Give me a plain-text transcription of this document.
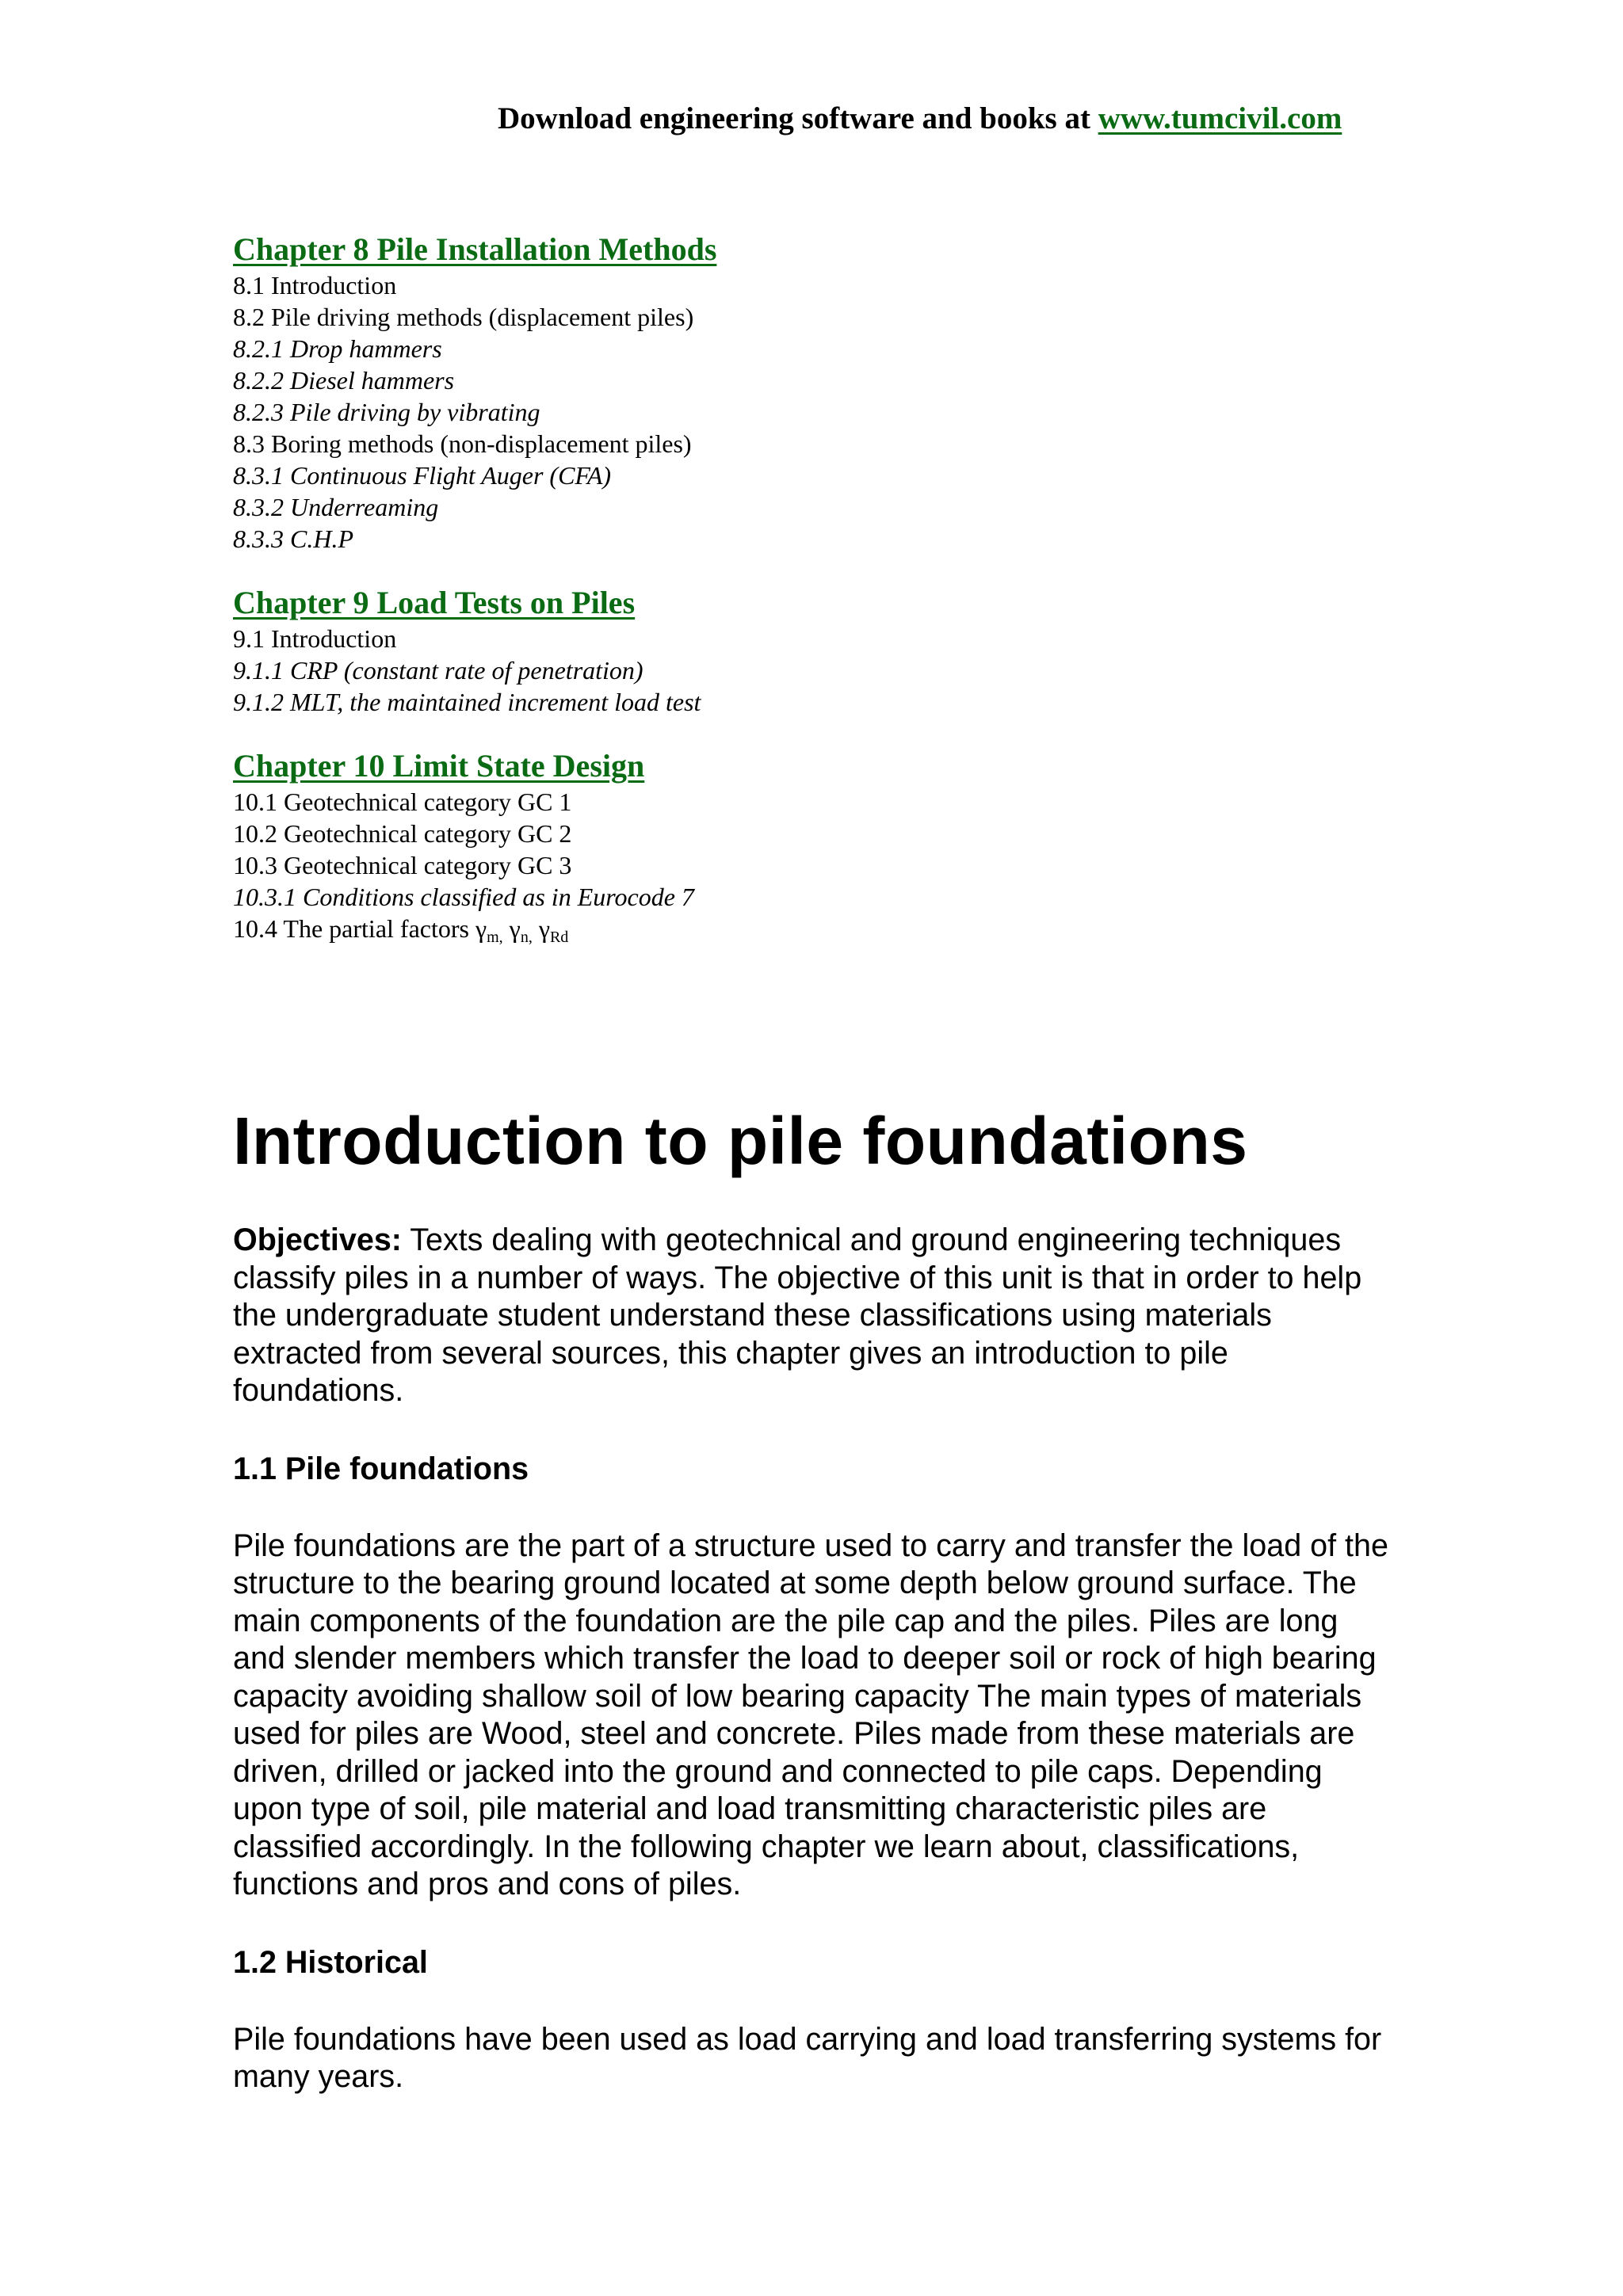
Download engineering software and books at www.tumcivil.com
Chapter 8 Pile Installation Methods
8.1 Introduction
8.2 Pile driving methods (displacement piles)
8.2.1 Drop hammers
8.2.2 Diesel hammers
8.2.3 Pile driving by vibrating
8.3 Boring methods (non-displacement piles)
8.3.1 Continuous Flight Auger (CFA)
8.3.2 Underreaming
8.3.3 C.H.P
Chapter 9 Load Tests on Piles
9.1 Introduction
9.1.1 CRP (constant rate of penetration)
9.1.2 MLT, the maintained increment load test
Chapter 10 Limit State Design
10.1 Geotechnical category GC 1
10.2 Geotechnical category GC 2
10.3 Geotechnical category GC 3
10.3.1 Conditions classified as in Eurocode 7
10.4 The partial factors $\gamma_{m,}$ $\gamma_{n,}$ $\gamma_{Rd}$
Introduction to pile foundations

Objectives: Texts dealing with geotechnical and ground engineering techniques classify piles in a number of ways. The objective of this unit is that in order to help the undergraduate student understand these classifications using materials extracted from several sources, this chapter gives an introduction to pile foundations.

1.1 Pile foundations

Pile foundations are the part of a structure used to carry and transfer the load of the structure to the bearing ground located at some depth below ground surface. The main components of the foundation are the pile cap and the piles. Piles are long and slender members which transfer the load to deeper soil or rock of high bearing capacity avoiding shallow soil of low bearing capacity The main types of materials used for piles are Wood, steel and concrete. Piles made from these materials are driven, drilled or jacked into the ground and connected to pile caps. Depending upon type of soil, pile material and load transmitting characteristic piles are classified accordingly. In the following chapter we learn about, classifications, functions and pros and cons of piles.

1.2 Historical

Pile foundations have been used as load carrying and load transferring systems for many years.
